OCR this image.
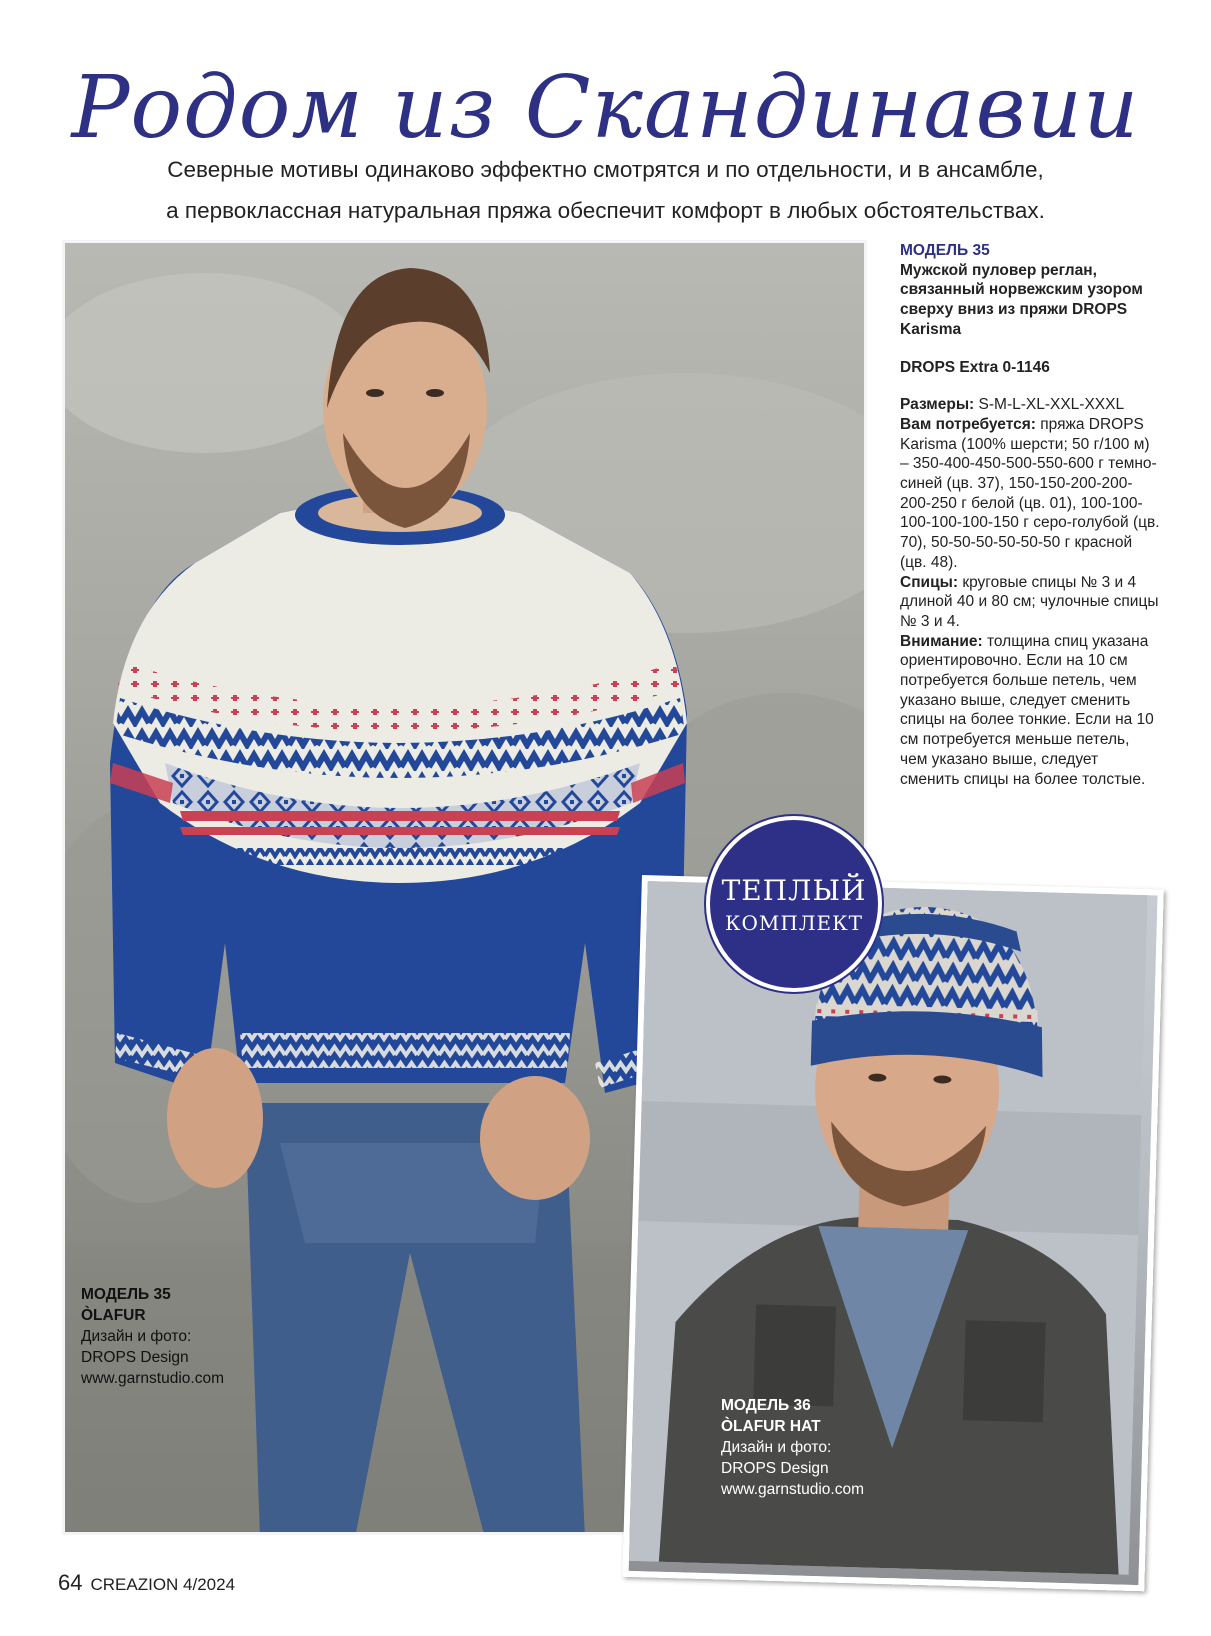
Родом из Скандинавии
Северные мотивы одинаково эффектно смотрятся и по отдельности, и в ансамбле,
а первоклассная натуральная пряжа обеспечит комфорт в любых обстоятельствах.

МОДЕЛЬ 35

Мужской пуловер реглан, связанный норвежским узором сверху вниз из пряжи DROPS Karisma

DROPS Extra 0-1146

Размеры: S-M-L-XL-XXL-XXXL

Вам потребуется: пряжа DROPS Karisma (100% шерсти; 50 г/100 м) – 350-400-450-500-550-600 г темно-синей (цв. 37), 150-150-200-200-200-250 г белой (цв. 01), 100-100-100-100-100-150 г серо-голубой (цв. 70), 50-50-50-50-50-50 г красной (цв. 48).

Спицы: круговые спицы № 3 и 4 длиной 40 и 80 см; чулочные спицы № 3 и 4.

Внимание: толщина спиц указана ориентировочно. Если на 10 см потребуется больше петель, чем указано выше, следует сменить спицы на более тонкие. Если на 10 см потребуется меньше петель, чем указано выше, следует сменить спицы на более толстые.

ТЕПЛЫЙ
КОМПЛЕКТ
МОДЕЛЬ 35
ÒLAFUR
Дизайн и фото:
DROPS Design
www.garnstudio.com
МОДЕЛЬ 36
ÒLAFUR HAT
Дизайн и фото:
DROPS Design
www.garnstudio.com
64 CREAZION 4/2024
